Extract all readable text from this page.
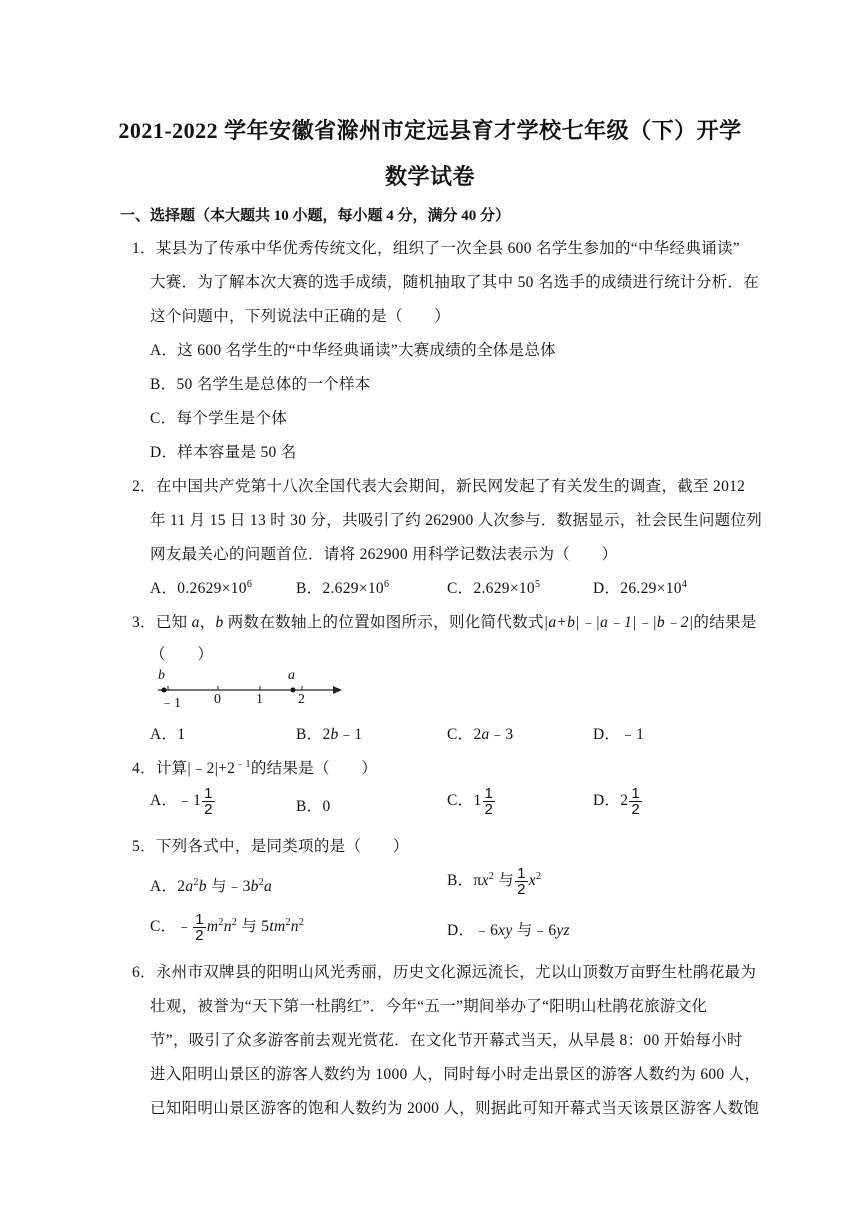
2021-2022 学年安徽省滁州市定远县育才学校七年级（下）开学
数学试卷
一、选择题（本大题共 10 小题，每小题 4 分，满分 40 分）
1．某县为了传承中华优秀传统文化，组织了一次全县 600 名学生参加的“中华经典诵读”
大赛．为了解本次大赛的选手成绩，随机抽取了其中 50 名选手的成绩进行统计分析．在
这个问题中，下列说法中正确的是（　　）
A．这 600 名学生的“中华经典诵读”大赛成绩的全体是总体
B．50 名学生是总体的一个样本
C．每个学生是个体
D．样本容量是 50 名
2．在中国共产党第十八次全国代表大会期间，新民网发起了有关发生的调查，截至 2012
年 11 月 15 日 13 时 30 分，共吸引了约 262900 人次参与．数据显示，社会民生问题位列
网友最关心的问题首位．请将 262900 用科学记数法表示为（　　）
A．$0.2629\times 10^6$	B．$2.629\times 10^6$	C．$2.629\times 10^5$	D．$26.29\times 10^4$
3．已知 a，b 两数在数轴上的位置如图所示，则化简代数式|a+b|﹣|a﹣1|﹣|b﹣2|的结果是
（　　）
b	a
﹣1 0	1	2
A．1	B．2b﹣1	C．2a﹣3	D．﹣1
4．计算$|﹣2|+2^{﹣1}$的结果是（　　）
A．﹣1 $\frac{1}{2}$	B．0	C．$1 \frac{1}{2}$	D．$2 \frac{1}{2}$
5．下列各式中，是同类项的是（　　）
A．$2a^2b$ 与$﹣3b^2a$	B．$\pi x^2$ 与 $\frac{1}{2} x^2$
C．﹣ $\frac{1}{2} m^2n^2$ 与 $5tm^2n^2$	D．﹣6xy 与﹣6yz
6．永州市双牌县的阳明山风光秀丽，历史文化源远流长，尤以山顶数万亩野生杜鹃花最为
壮观，被誉为“天下第一杜鹃红”．今年“五一”期间举办了“阳明山杜鹃花旅游文化
节”，吸引了众多游客前去观光赏花．在文化节开幕式当天，从早晨 8：00 开始每小时
进入阳明山景区的游客人数约为 1000 人，同时每小时走出景区的游客人数约为 600 人，
已知阳明山景区游客的饱和人数约为 2000 人，则据此可知开幕式当天该景区游客人数饱
